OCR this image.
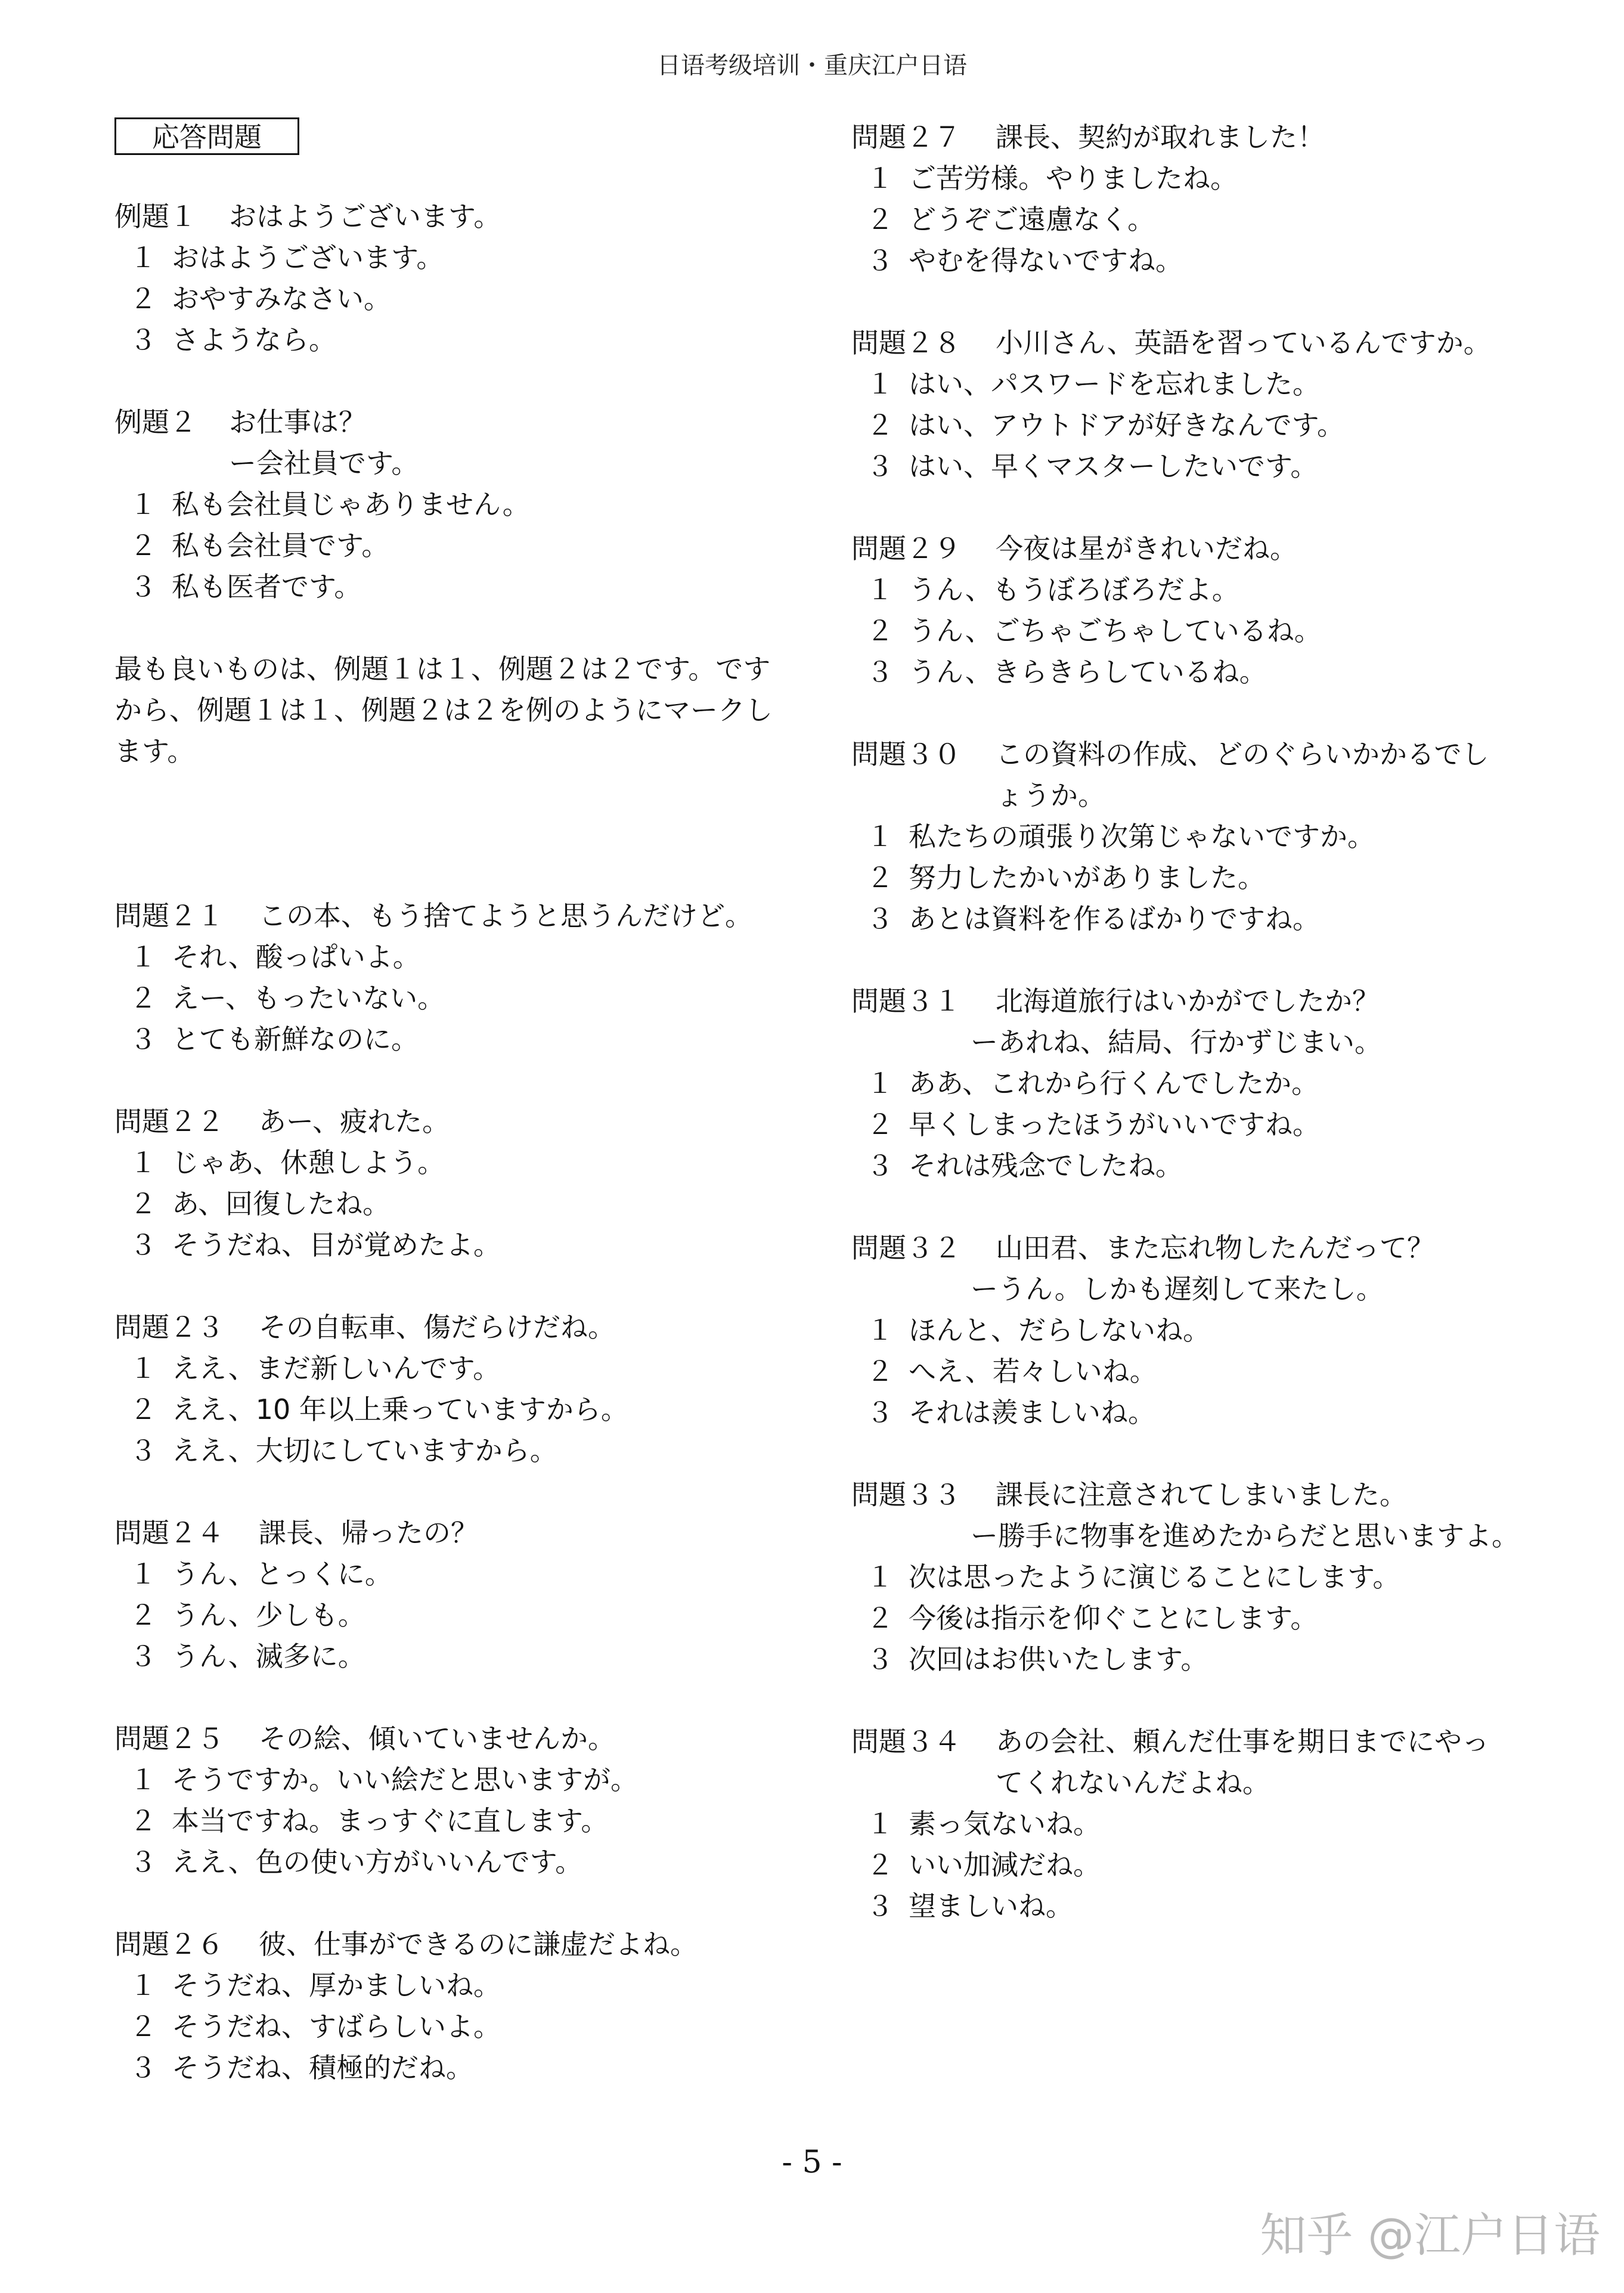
日语考级培训・重庆江户日语
応答問題
例題１	おはようございます。
１ おはようございます。
２ おやすみなさい。
３ さようなら。
例題２	お仕事は？
ー会社員です。
１ 私も会社員じゃありません。
２ 私も会社員です。
３ 私も医者です。
最も良いものは、例題１は１、例題２は２です。ですから、例題１は１、例題２は２を例のようにマークします。
問題２１	この本、もう捨てようと思うんだけど。
１ それ、酸っぱいよ。
２ えー、もったいない。
３ とても新鮮なのに。
問題２２	あー、疲れた。
１ じゃあ、休憩しよう。
２ あ、回復したね。
３ そうだね、目が覚めたよ。
問題２３	その自転車、傷だらけだね。
１ ええ、まだ新しいんです。
２ ええ、10 年以上乗っていますから。
３ ええ、大切にしていますから。
問題２４	課長、帰ったの？
１ うん、とっくに。
２ うん、少しも。
３ うん、滅多に。
問題２５	その絵、傾いていませんか。
１ そうですか。いい絵だと思いますが。
２ 本当ですね。まっすぐに直します。
３ ええ、色の使い方がいいんです。
問題２６	彼、仕事ができるのに謙虚だよね。
１ そうだね、厚かましいね。
２ そうだね、すばらしいよ。
３ そうだね、積極的だね。
問題２７	課長、契約が取れました！
１ ご苦労様。やりましたね。
２ どうぞご遠慮なく。
３ やむを得ないですね。
問題２８	小川さん、英語を習っているんですか。
１ はい、パスワードを忘れました。
２ はい、アウトドアが好きなんです。
３ はい、早くマスターしたいです。
問題２９	今夜は星がきれいだね。
１ うん、もうぼろぼろだよ。
２ うん、ごちゃごちゃしているね。
３ うん、きらきらしているね。
問題３０	この資料の作成、どのぐらいかかるでし
ょうか。
１ 私たちの頑張り次第じゃないですか。
２ 努力したかいがありました。
３ あとは資料を作るばかりですね。
問題３１	北海道旅行はいかがでしたか？
ーあれね、結局、行かずじまい。
１ ああ、これから行くんでしたか。
２ 早くしまったほうがいいですね。
３ それは残念でしたね。
問題３２	山田君、また忘れ物したんだって？
ーうん。しかも遅刻して来たし。
１ ほんと、だらしないね。
２ へえ、若々しいね。
３ それは羨ましいね。
問題３３	課長に注意されてしまいました。
ー勝手に物事を進めたからだと思いますよ。
１ 次は思ったように演じることにします。
２ 今後は指示を仰ぐことにします。
３ 次回はお供いたします。
問題３４	あの会社、頼んだ仕事を期日までにやっ
てくれないんだよね。
１ 素っ気ないね。
２ いい加減だね。
３ 望ましいね。
- 5 -
知乎 @江户日语
